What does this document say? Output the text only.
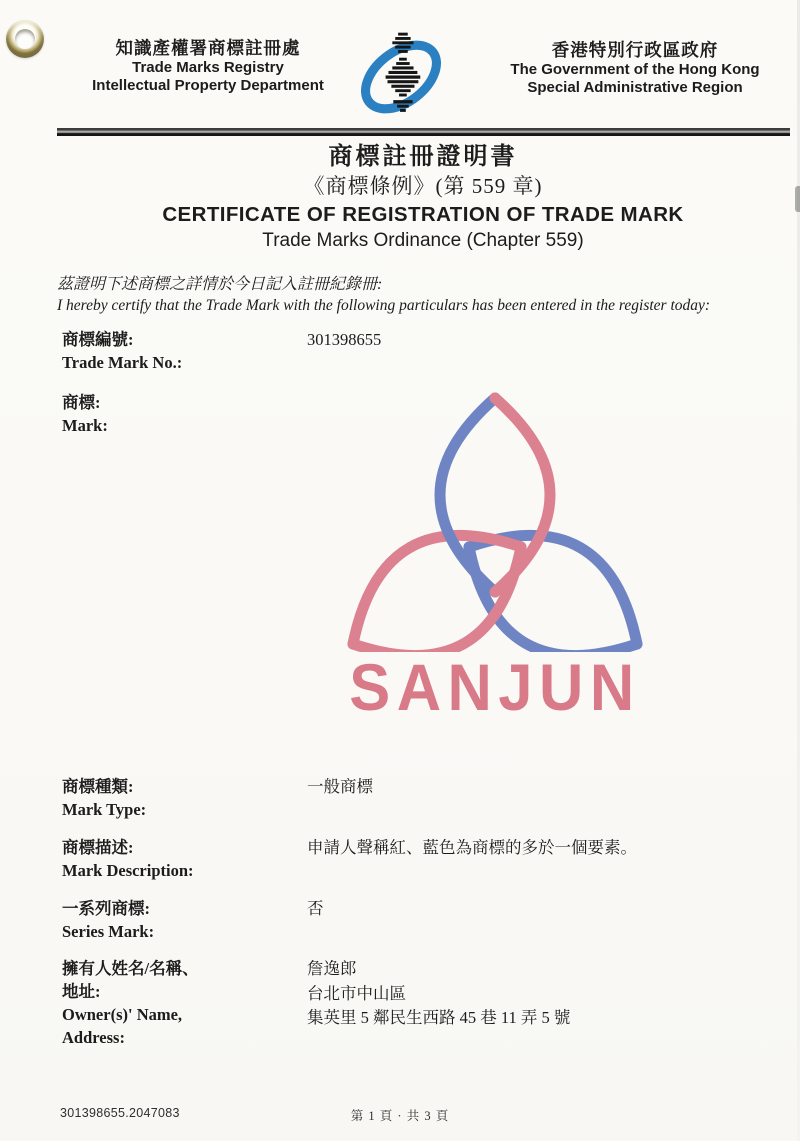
知識產權署商標註冊處
Trade Marks Registry
Intellectual Property Department
香港特別行政區政府
The Government of the Hong Kong
Special Administrative Region
商標註冊證明書
《商標條例》(第 559 章)
CERTIFICATE OF REGISTRATION OF TRADE MARK
Trade Marks Ordinance (Chapter 559)
茲證明下述商標之詳情於今日記入註冊紀錄冊:
I hereby certify that the Trade Mark with the following particulars has been entered in the register today:
商標編號:
Trade Mark No.:
301398655
商標:
Mark:
SANJUN
商標種類:
Mark Type:
一般商標
商標描述:
Mark Description:
申請人聲稱紅、藍色為商標的多於一個要素。
一系列商標:
Series Mark:
否
擁有人姓名/名稱、
地址:
Owner(s)' Name,
Address:
詹逸郎
台北市中山區
集英里 5 鄰民生西路 45 巷 11 弄 5 號
301398655.2047083	第 1 頁 · 共 3 頁
